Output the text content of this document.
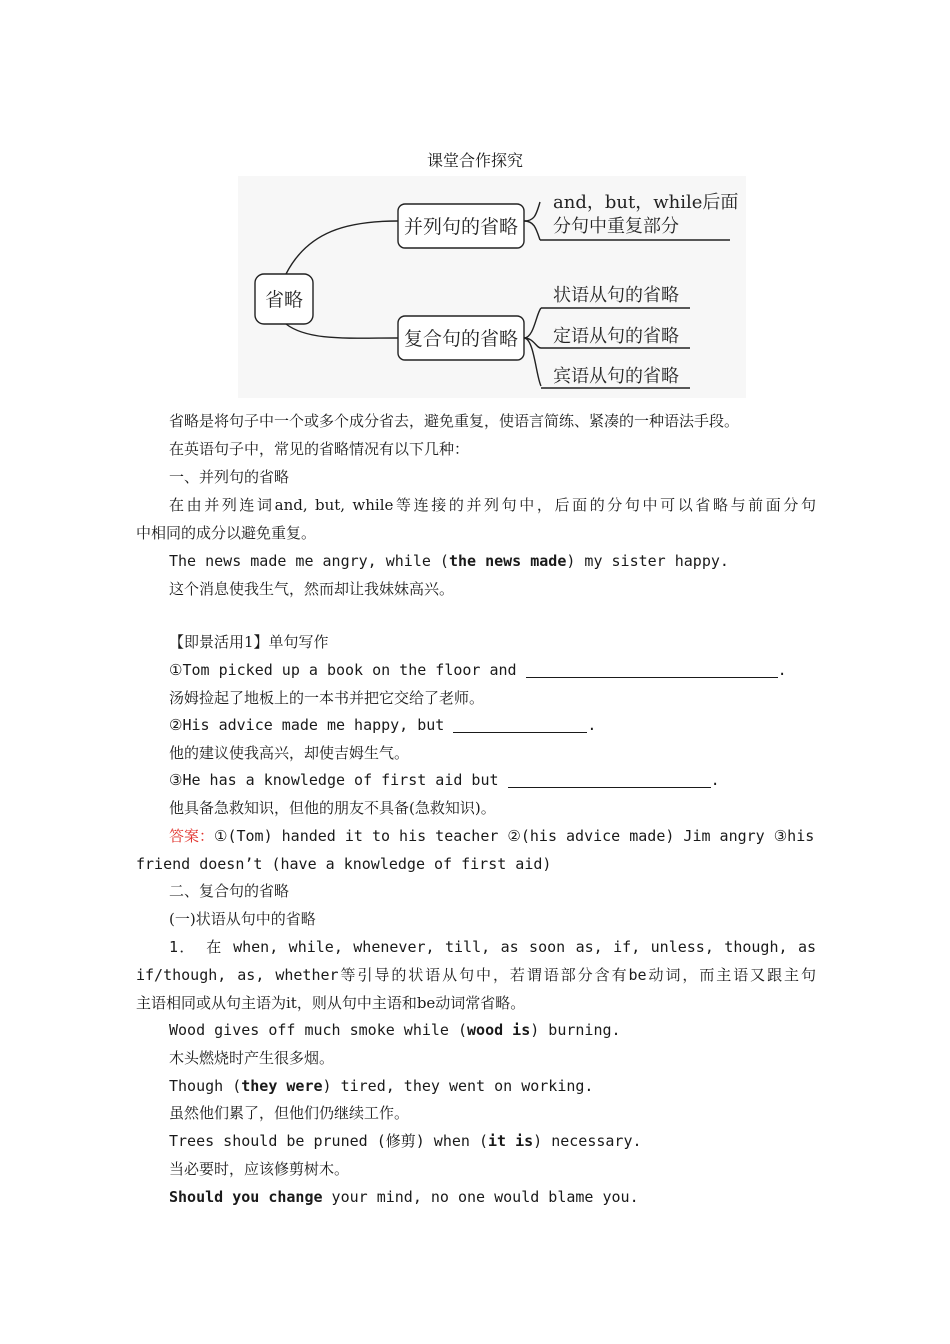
课堂合作探究
省略
并列句的省略
复合句的省略
and，but，while后面
分句中重复部分
状语从句的省略
定语从句的省略
宾语从句的省略
省略是将句子中一个或多个成分省去，避免重复，使语言简练、紧凑的一种语法手段。
在英语句子中，常见的省略情况有以下几种：
一、并列句的省略
在由并列连词and, but, while等连接的并列句中，后面的分句中可以省略与前面分句
中相同的成分以避免重复。
The news made me angry, while (the news made) my sister happy.
这个消息使我生气，然而却让我妹妹高兴。
【即景活用1】单句写作
①Tom picked up a book on the floor and	.
汤姆捡起了地板上的一本书并把它交给了老师。
②His advice made me happy, but	.
他的建议使我高兴，却使吉姆生气。
③He has a knowledge of first aid but	.
他具备急救知识，但他的朋友不具备(急救知识)。
答案：①(Tom) handed it to his teacher ②(his advice made) Jim angry ③his
friend doesn’t (have a knowledge of first aid)
二、复合句的省略
(一)状语从句中的省略
1． 在 when, while, whenever, till, as soon as, if, unless, though, as
if/though, as, whether等引导的状语从句中，若谓语部分含有be动词，而主语又跟主句
主语相同或从句主语为it，则从句中主语和be动词常省略。
Wood gives off much smoke while (wood is) burning.
木头燃烧时产生很多烟。
Though (they were) tired, they went on working.
虽然他们累了，但他们仍继续工作。
Trees should be pruned (修剪) when (it is) necessary.
当必要时，应该修剪树木。
Should you change your mind, no one would blame you.
